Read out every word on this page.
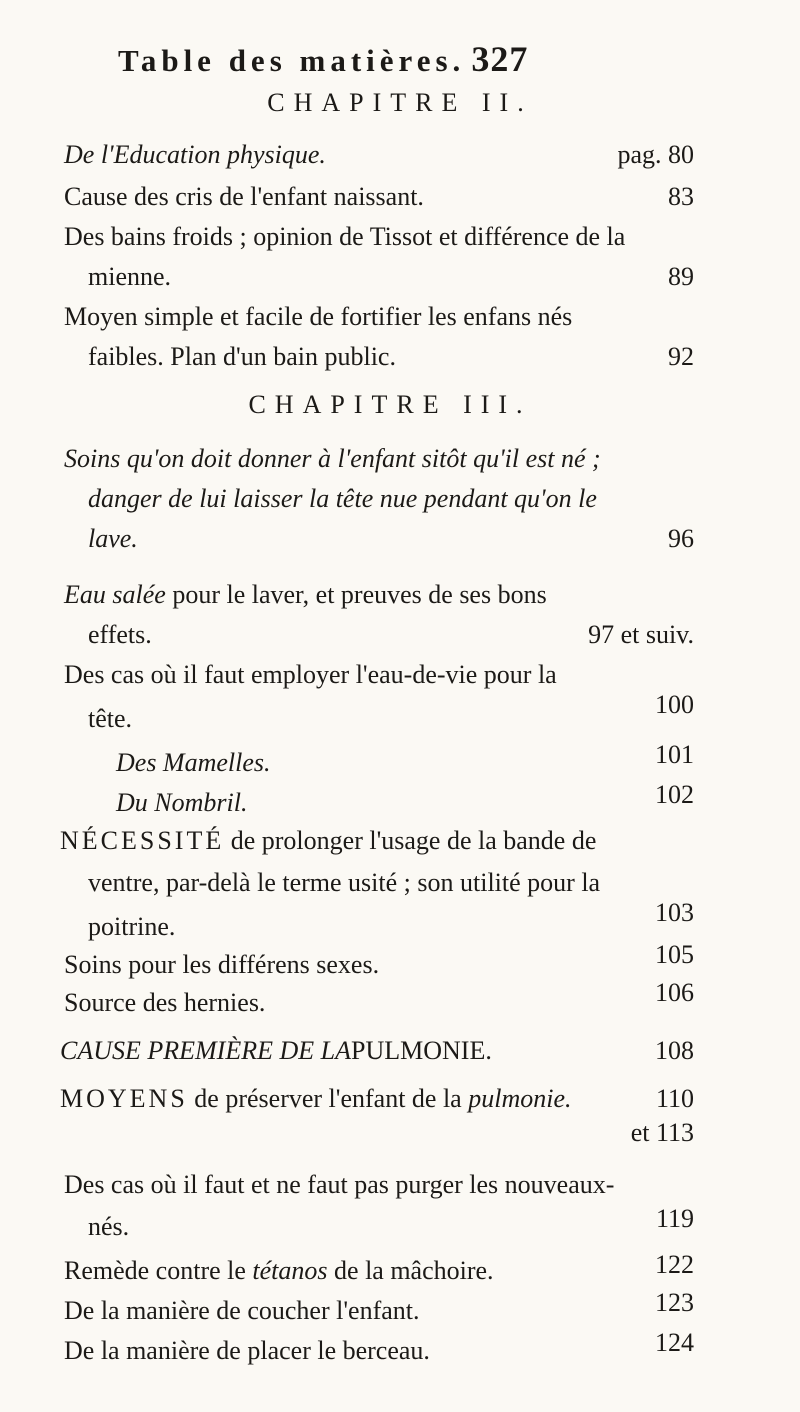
Table des matières. 327
CHAPITRE II.
De l'Education physique.	pag. 80
Cause des cris de l'enfant naissant.	83
Des bains froids ; opinion de Tissot et différence de la
mienne.	89
Moyen simple et facile de fortifier les enfans nés
faibles. Plan d'un bain public.	92
CHAPITRE III.
Soins qu'on doit donner à l'enfant sitôt qu'il est né ;
danger de lui laisser la tête nue pendant qu'on le
lave.	96
Eau salée pour le laver, et preuves de ses bons
effets.	97 et suiv.
Des cas où il faut employer l'eau-de-vie pour la
tête.	100
Des Mamelles.	101
Du Nombril.	102
NÉCESSITÉ de prolonger l'usage de la bande de
ventre, par-delà le terme usité ; son utilité pour la
poitrine.	103
Soins pour les différens sexes.	105
Source des hernies.	106
CAUSE PREMIÈRE DE LAPULMONIE.	108
MOYENS de préserver l'enfant de la pulmonie.	110
et 113
Des cas où il faut et ne faut pas purger les nouveaux-
nés.	119
Remède contre le tétanos de la mâchoire.	122
De la manière de coucher l'enfant.	123
De la manière de placer le berceau.	124
